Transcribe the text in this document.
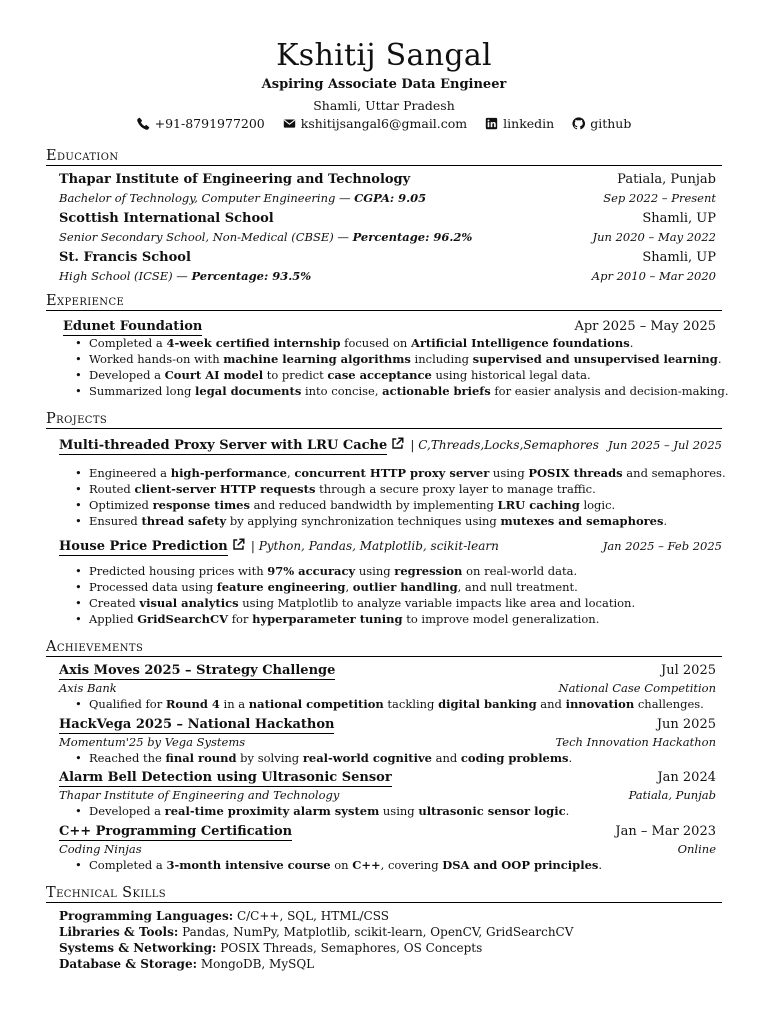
Kshitij Sangal
Aspiring Associate Data Engineer
Shamli, Uttar Pradesh
+91-8791977200
	kshitijsangal6@gmail.com
	linkedin
	github
Education
Thapar Institute of Engineering and Technology	Patiala, Punjab
Bachelor of Technology, Computer Engineering — CGPA: 9.05	Sep 2022 – Present
Scottish International School	Shamli, UP
Senior Secondary School, Non-Medical (CBSE) — Percentage: 96.2%	Jun 2020 – May 2022
St. Francis School	Shamli, UP
High School (ICSE) — Percentage: 93.5%	Apr 2010 – Mar 2020
Experience
Edunet Foundation	Apr 2025 – May 2025
• Completed a 4-week certified internship focused on Artificial Intelligence foundations.
• Worked hands-on with machine learning algorithms including supervised and unsupervised learning.
• Developed a Court AI model to predict case acceptance using historical legal data.
• Summarized long legal documents into concise, actionable briefs for easier analysis and decision-making.
Projects
Multi-threaded Proxy Server with LRU Cache | C,Threads,Locks,Semaphores Jun 2025 – Jul 2025
• Engineered a high-performance, concurrent HTTP proxy server using POSIX threads and semaphores.
• Routed client-server HTTP requests through a secure proxy layer to manage traffic.
• Optimized response times and reduced bandwidth by implementing LRU caching logic.
• Ensured thread safety by applying synchronization techniques using mutexes and semaphores.
House Price Prediction | Python, Pandas, Matplotlib, scikit-learn	Jan 2025 – Feb 2025
• Predicted housing prices with 97% accuracy using regression on real-world data.
• Processed data using feature engineering, outlier handling, and null treatment.
• Created visual analytics using Matplotlib to analyze variable impacts like area and location.
• Applied GridSearchCV for hyperparameter tuning to improve model generalization.
Achievements
Axis Moves 2025 – Strategy Challenge	Jul 2025
Axis Bank	National Case Competition
• Qualified for Round 4 in a national competition tackling digital banking and innovation challenges.
HackVega 2025 – National Hackathon	Jun 2025
Momentum'25 by Vega Systems	Tech Innovation Hackathon
• Reached the final round by solving real-world cognitive and coding problems.
Alarm Bell Detection using Ultrasonic Sensor	Jan 2024
Thapar Institute of Engineering and Technology	Patiala, Punjab
• Developed a real-time proximity alarm system using ultrasonic sensor logic.
C++ Programming Certification	Jan – Mar 2023
Coding Ninjas	Online
• Completed a 3-month intensive course on C++, covering DSA and OOP principles.
Technical Skills
Programming Languages: C/C++, SQL, HTML/CSS
Libraries & Tools: Pandas, NumPy, Matplotlib, scikit-learn, OpenCV, GridSearchCV
Systems & Networking: POSIX Threads, Semaphores, OS Concepts
Database & Storage: MongoDB, MySQL
